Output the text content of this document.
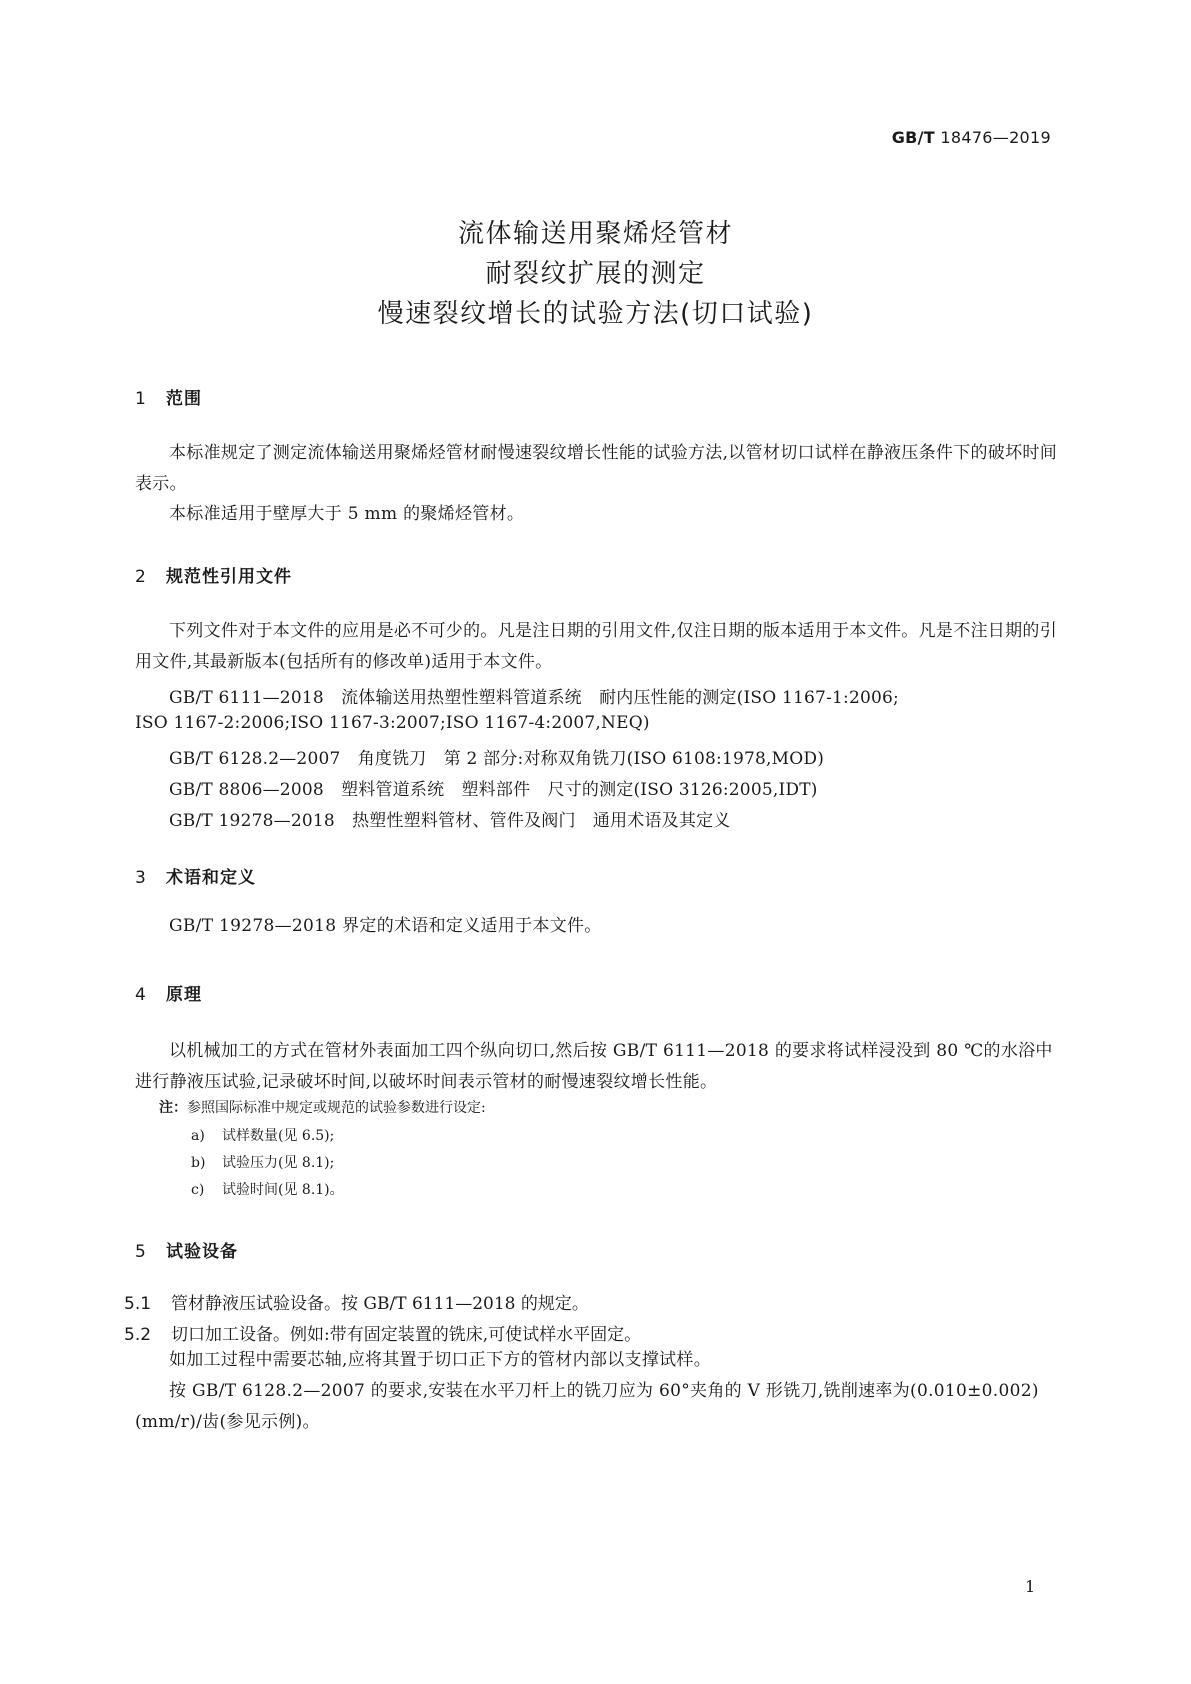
GB/T 18476—2019
流体输送用聚烯烃管材
耐裂纹扩展的测定
慢速裂纹增长的试验方法(切口试验)
1 范围
本标准规定了测定流体输送用聚烯烃管材耐慢速裂纹增长性能的试验方法,以管材切口试样在静液压条件下的破坏时间表示。
本标准适用于壁厚大于 5 mm 的聚烯烃管材。
2 规范性引用文件
下列文件对于本文件的应用是必不可少的。凡是注日期的引用文件,仅注日期的版本适用于本文件。凡是不注日期的引用文件,其最新版本(包括所有的修改单)适用于本文件。
GB/T 6111—2018　流体输送用热塑性塑料管道系统　耐内压性能的测定(ISO 1167-1:2006;
ISO 1167-2:2006;ISO 1167-3:2007;ISO 1167-4:2007,NEQ)
GB/T 6128.2—2007　角度铣刀　第 2 部分:对称双角铣刀(ISO 6108:1978,MOD)
GB/T 8806—2008　塑料管道系统　塑料部件　尺寸的测定(ISO 3126:2005,IDT)
GB/T 19278—2018　热塑性塑料管材、管件及阀门　通用术语及其定义
3 术语和定义
GB/T 19278—2018 界定的术语和定义适用于本文件。
4 原理
以机械加工的方式在管材外表面加工四个纵向切口,然后按 GB/T 6111—2018 的要求将试样浸没到 80 ℃的水浴中进行静液压试验,记录破坏时间,以破坏时间表示管材的耐慢速裂纹增长性能。
注：参照国际标准中规定或规范的试验参数进行设定:
a) 试样数量(见 6.5);
b) 试验压力(见 8.1);
c) 试验时间(见 8.1)。
5 试验设备
5.1 管材静液压试验设备。按 GB/T 6111—2018 的规定。
5.2 切口加工设备。例如:带有固定装置的铣床,可使试样水平固定。
如加工过程中需要芯轴,应将其置于切口正下方的管材内部以支撑试样。
按 GB/T 6128.2—2007 的要求,安装在水平刀杆上的铣刀应为 60°夹角的 V 形铣刀,铣削速率为(0.010±0.002)(mm/r)/齿(参见示例)。
1
